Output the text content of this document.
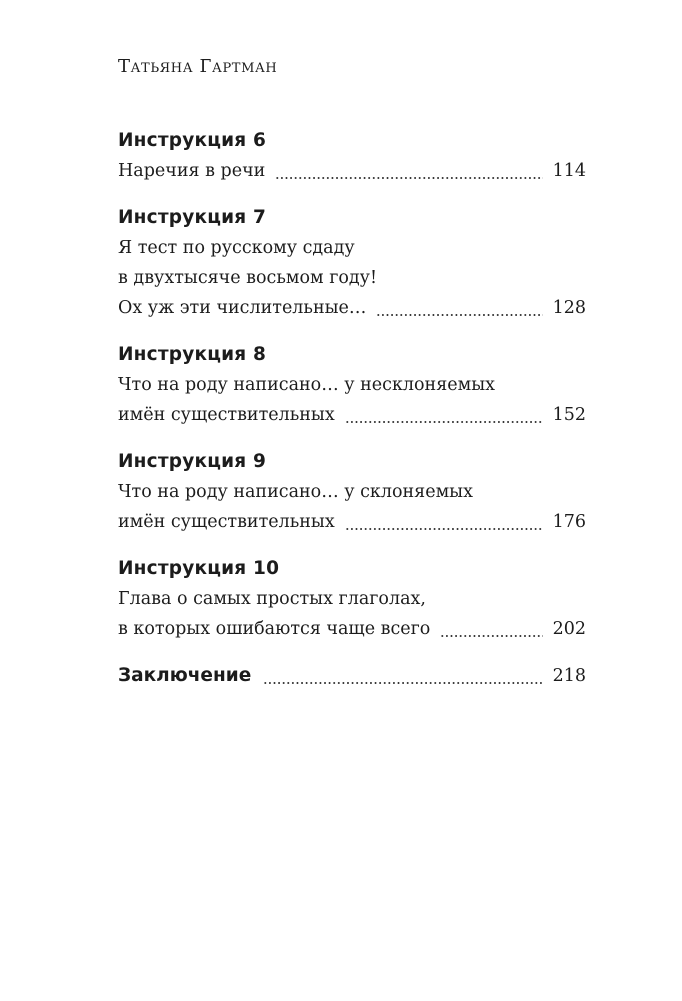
Татьяна Гартман
Инструкция 6
Наречия в речи	114
Инструкция 7
Я тест по русскому сдаду
в двухтысяче восьмом году!
Ох уж эти числительные…	128
Инструкция 8
Что на роду написано… у несклоняемых
имён существительных	152
Инструкция 9
Что на роду написано… у склоняемых
имён существительных	176
Инструкция 10
Глава о самых простых глаголах,
в которых ошибаются чаще всего	202
Заключение	218
